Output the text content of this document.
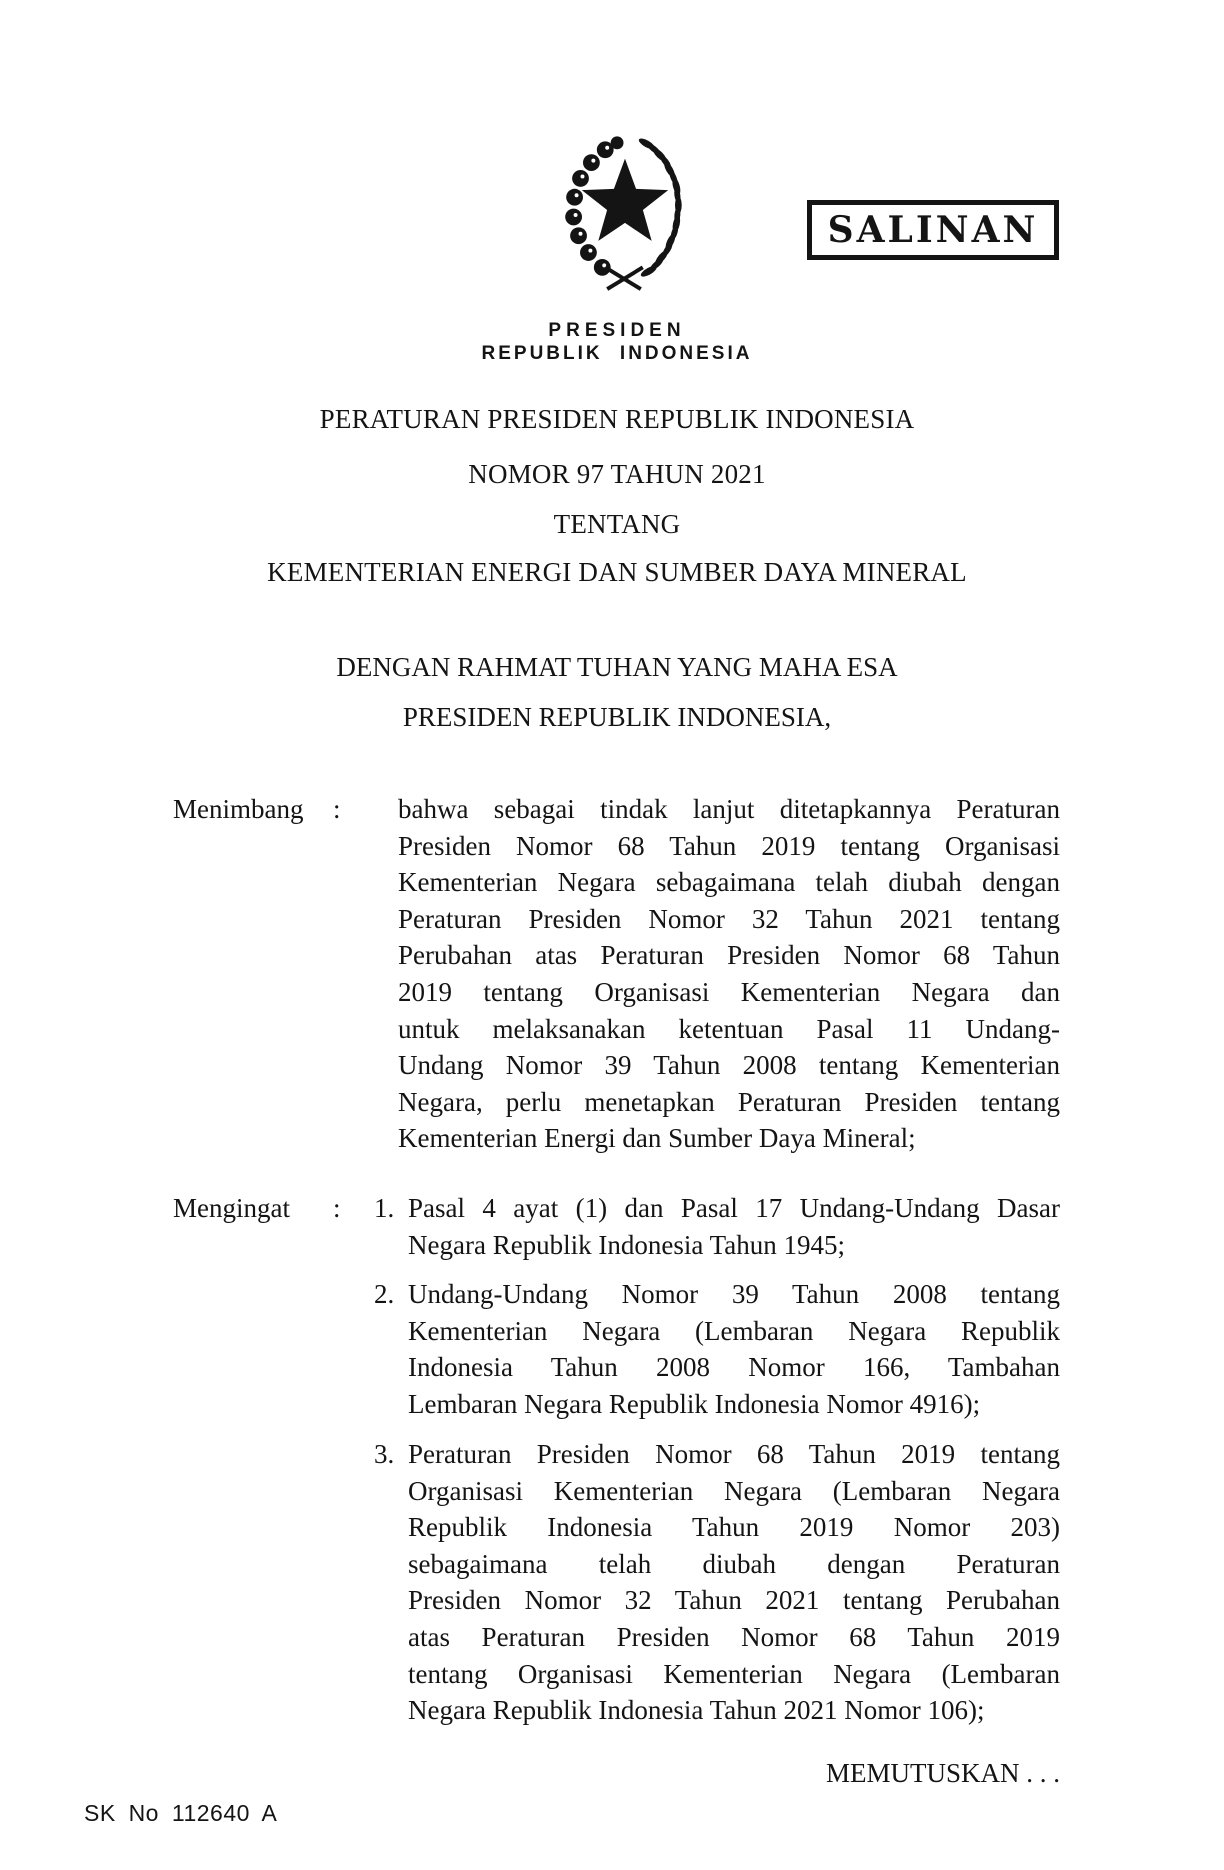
SALINAN
PRESIDEN
REPUBLIK INDONESIA
PERATURAN PRESIDEN REPUBLIK INDONESIA
NOMOR 97 TAHUN 2021
TENTANG
KEMENTERIAN ENERGI DAN SUMBER DAYA MINERAL
DENGAN RAHMAT TUHAN YANG MAHA ESA
PRESIDEN REPUBLIK INDONESIA,
Menimbang : bahwa sebagai tindak lanjut ditetapkannya Peraturan
Presiden Nomor 68 Tahun 2019 tentang Organisasi
Kementerian Negara sebagaimana telah diubah dengan
Peraturan Presiden Nomor 32 Tahun 2021 tentang
Perubahan atas Peraturan Presiden Nomor 68 Tahun
2019 tentang Organisasi Kementerian Negara dan
untuk melaksanakan ketentuan Pasal 11 Undang-
Undang Nomor 39 Tahun 2008 tentang Kementerian
Negara, perlu menetapkan Peraturan Presiden tentang
Kementerian Energi dan Sumber Daya Mineral;
Mengingat : 1. Pasal 4 ayat (1) dan Pasal 17 Undang-Undang Dasar
Negara Republik Indonesia Tahun 1945;
2. Undang-Undang Nomor 39 Tahun 2008 tentang
Kementerian Negara (Lembaran Negara Republik
Indonesia Tahun 2008 Nomor 166, Tambahan
Lembaran Negara Republik Indonesia Nomor 4916);
3. Peraturan Presiden Nomor 68 Tahun 2019 tentang
Organisasi Kementerian Negara (Lembaran Negara
Republik Indonesia Tahun 2019 Nomor 203)
sebagaimana telah diubah dengan Peraturan
Presiden Nomor 32 Tahun 2021 tentang Perubahan
atas Peraturan Presiden Nomor 68 Tahun 2019
tentang Organisasi Kementerian Negara (Lembaran
Negara Republik Indonesia Tahun 2021 Nomor 106);
MEMUTUSKAN . . .
SK No 112640 A
